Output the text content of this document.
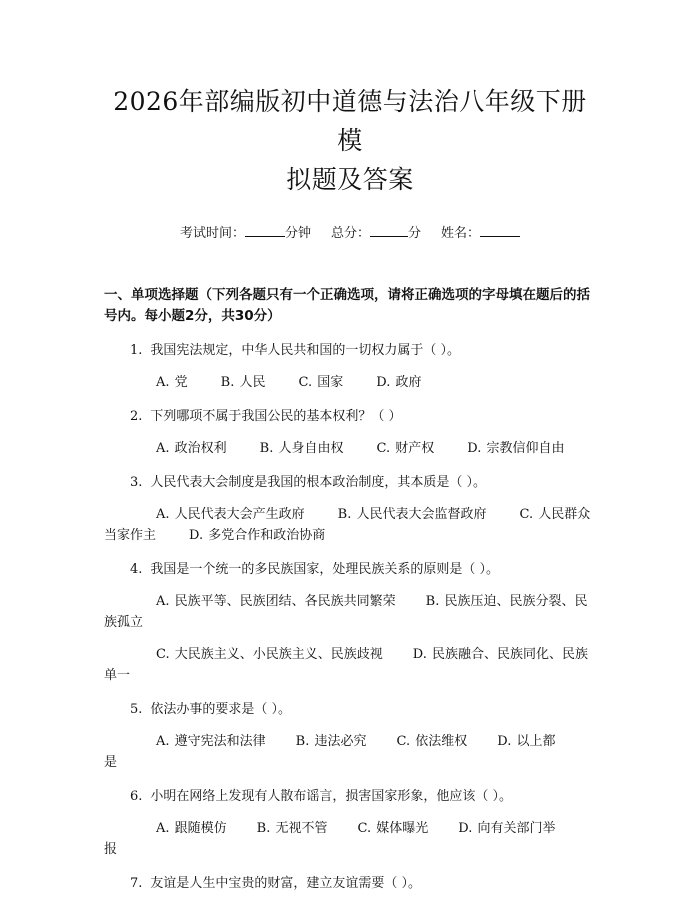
2026年部编版初中道德与法治八年级下册模
拟题及答案
考试时间：	分钟 总分：	分 姓名：
一、单项选择题（下列各题只有一个正确选项，请将正确选项的字母填在题后的括号内。每小题2分，共30分）
1. 我国宪法规定，中华人民共和国的一切权力属于（ ）。
A. 党	B. 人民	C. 国家	D. 政府
2. 下列哪项不属于我国公民的基本权利？（ ）
A. 政治权利	B. 人身自由权	C. 财产权	D. 宗教信仰自由
3. 人民代表大会制度是我国的根本政治制度，其本质是（ ）。
A. 人民代表大会产生政府	B. 人民代表大会监督政府	C. 人民群众当家作主	D. 多党合作和政治协商
4. 我国是一个统一的多民族国家，处理民族关系的原则是（ ）。
A. 民族平等、民族团结、各民族共同繁荣 B. 民族压迫、民族分裂、民族孤立
C. 大民族主义、小民族主义、民族歧视 D. 民族融合、民族同化、民族单一
5. 依法办事的要求是（ ）。
A. 遵守宪法和法律 B. 违法必究 C. 依法维权 D. 以上都是
6. 小明在网络上发现有人散布谣言，损害国家形象，他应该（ ）。
A. 跟随模仿 B. 无视不管 C. 媒体曝光 D. 向有关部门举报
7. 友谊是人生中宝贵的财富，建立友谊需要（ ）。
